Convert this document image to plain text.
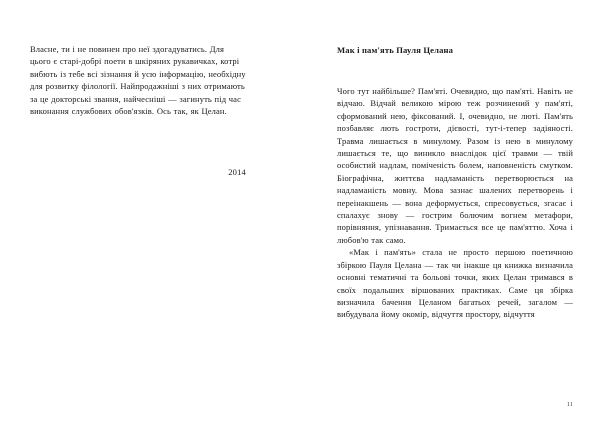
Власне, ти і не повинен про неї здогадуватись. Для цього є старі-добрі поети в шкіряних рукавичках, котрі вибють із тебе всі зізнання й усю інформацію, необхідну для розвитку філології. Найпродажніші з них отримають за це докторські звання, найчесніші — загинуть під час виконання службових обов'язків. Ось так, як Целан.

2014
Мак і пам'ять Пауля Целана

Чого тут найбільше? Пам'яті. Очевидно, що пам'яті. Навіть не відчаю. Відчай великою мірою теж розчинений у пам'яті, сформований нею, фіксований. І, очевидно, не люті. Пам'ять позбавляє лють гостроти, дієвості, тут-і-тепер задіяності. Травма лишається в минулому. Разом із нею в минулому лишається те, що виникло внаслідок цієї травми — твій особистий надлам, поміченість болем, наповненість смутком. Біографічна, життєва надламаність перетворюється на надламаність мовну. Мова зазнає шалених перетворень і переінакшень — вона деформується, спресовується, згасає і спалахує знову — гострим болючим вогнем метафори, порівняння, упізнавання. Тримається все це пам'яттю. Хоча і любов'ю так само.

«Мак і пам'ять» стала не просто першою поетичною збіркою Пауля Целана — так чи інакше ця книжка визначила основні тематичні та больові точки, яких Целан тримався в своїх подальших віршованих практиках. Саме ця збірка визначила бачення Целаном багатьох речей, загалом — вибудувала йому окомір, відчуття простору, відчуття

11
